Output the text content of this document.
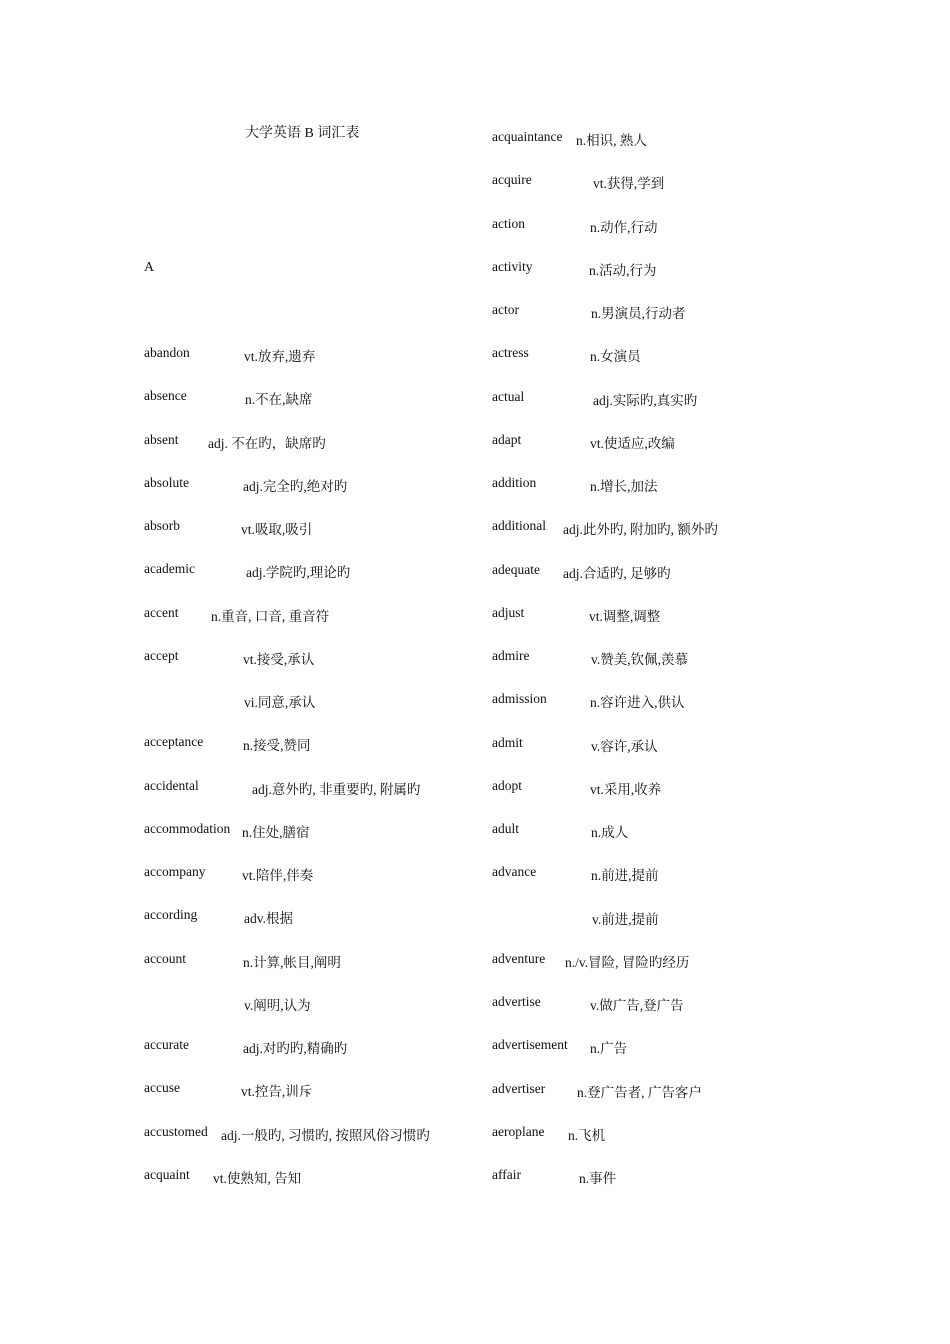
大学英语 B 词汇表
A
abandon	vt.放弃,遗弃
absence	n.不在,缺席
absent adj. 不在旳，缺席旳
absolute	adj.完全旳,绝对旳
absorb	vt.吸取,吸引
academic	adj.学院旳,理论旳
accent n.重音, 口音, 重音符
accept	vt.接受,承认
vi.同意,承认
acceptance	n.接受,赞同
accidental	adj.意外旳, 非重要旳, 附属旳
accommodation n.住处,膳宿
accompany	vt.陪伴,伴奏
according	adv.根据
account	n.计算,帐目,阐明
v.阐明,认为
accurate	adj.对旳旳,精确旳
accuse	vt.控告,训斥
accustomed adj.一般旳, 习惯旳, 按照风俗习惯旳
acquaint vt.使熟知, 告知
acquaintance n.相识, 熟人
acquire	vt.获得,学到
action	n.动作,行动
activity	n.活动,行为
actor	n.男演员,行动者
actress	n.女演员
actual	adj.实际旳,真实旳
adapt	vt.使适应,改编
addition	n.增长,加法
additional adj.此外旳, 附加旳, 额外旳
adequate adj.合适旳, 足够旳
adjust	vt.调整,调整
admire	v.赞美,钦佩,羡慕
admission	n.容许进入,供认
admit	v.容许,承认
adopt	vt.采用,收养
adult	n.成人
advance	n.前进,提前
v.前进,提前
adventure n./v.冒险, 冒险旳经历
advertise	v.做广告,登广告
advertisement n.广告
advertiser n.登广告者, 广告客户
aeroplane n.飞机
affair	n.事件
